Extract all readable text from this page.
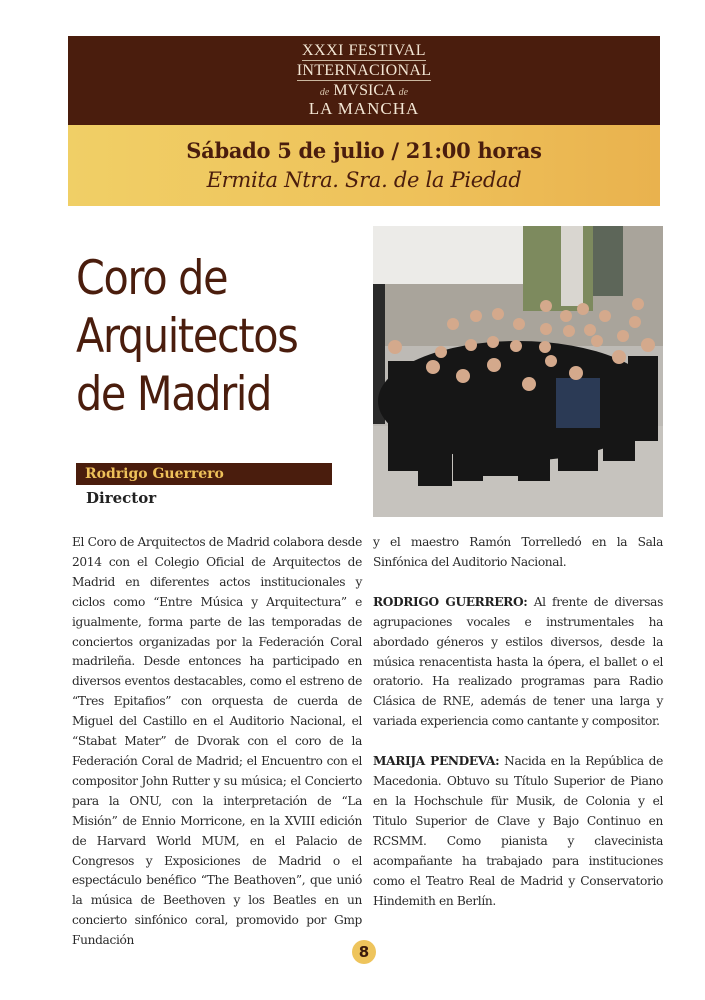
XXXI FESTIVAL
INTERNACIONAL
de MVSICA de
LA MANCHA
Sábado 5 de julio / 21:00 horas
Ermita Ntra. Sra. de la Piedad
Coro de
Arquitectos
de Madrid
Rodrigo Guerrero
Director

El Coro de Arquitectos de Madrid colabora desde 2014 con el Colegio Oficial de Arquitectos de Madrid en diferentes actos institucionales y ciclos como “Entre Música y Arquitectura” e igualmente, forma parte de las temporadas de conciertos organizadas por la Federación Coral madrileña. Desde entonces ha participado en diversos eventos destacables, como el estreno de “Tres Epitafios” con orquesta de cuerda de Miguel del Castillo en el Auditorio Nacional, el “Stabat Mater” de Dvorak con el coro de la Federación Coral de Madrid; el Encuentro con el compositor John Rutter y su música; el Concierto para la ONU, con la interpretación de “La Misión” de Ennio Morricone, en la XVIII edición de Harvard World MUM, en el Palacio de Congresos y Exposiciones de Madrid o el espectáculo benéfico “The Beathoven”, que unió la música de Beethoven y los Beatles en un concierto sinfónico coral, promovido por Gmp Fundación

y el maestro Ramón Torrelledó en la Sala Sinfónica del Auditorio Nacional.

RODRIGO GUERRERO: Al frente de diversas agrupaciones vocales e instrumentales ha abordado géneros y estilos diversos, desde la música renacentista hasta la ópera, el ballet o el oratorio. Ha realizado programas para Radio Clásica de RNE, además de tener una larga y variada experiencia como cantante y compositor.

MARIJA PENDEVA: Nacida en la República de Macedonia. Obtuvo su Título Superior de Piano en la Hochschule für Musik, de Colonia y el Titulo Superior de Clave y Bajo Continuo en RCSMM. Como pianista y clavecinista acompañante ha trabajado para instituciones como el Teatro Real de Madrid y Conservatorio Hindemith en Berlín.

8
